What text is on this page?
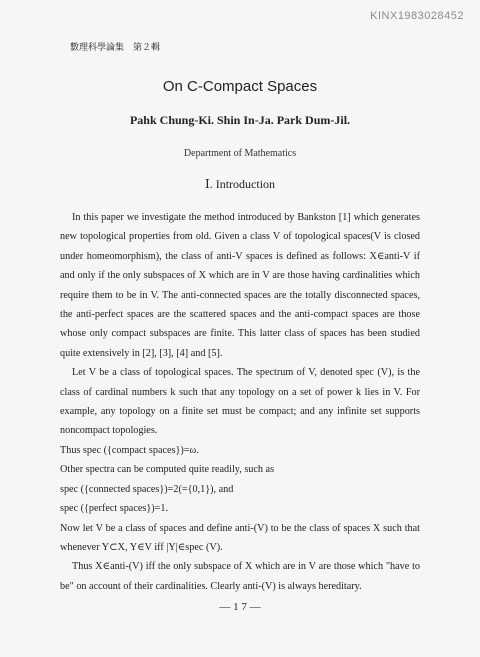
KINX1983028452
數理科學論集　第２輯
On C-Compact Spaces
Pahk Chung-Ki. Shin In-Ja. Park Dum-Jil.
Department of Mathematics
Ⅰ. Introduction

In this paper we investigate the method introduced by Bankston [1] which generates new topological properties from old. Given a class V of topological spaces(V is closed under homeomorphism), the class of anti-V spaces is defined as follows: X∈anti-V if and only if the only subspaces of X which are in V are those having cardinalities which require them to be in V. The anti-connected spaces are the totally disconnected spaces, the anti-perfect spaces are the scattered spaces and the anti-compact spaces are those whose only compact subspaces are finite. This latter class of spaces has been studied quite extensively in [2], [3], [4] and [5].

Let V be a class of topological spaces. The spectrum of V, denoted spec (V), is the class of cardinal numbers k such that any topology on a set of power k lies in V. For example, any topology on a finite set must be compact; and any infinite set supports noncompact topologies.

Thus spec ({compact spaces})=ω.

Other spectra can be computed quite readily, such as

spec ({connected spaces})=2(={0,1}), and

spec ({perfect spaces})=1.

Now let V be a class of spaces and define anti-(V) to be the class of spaces X such that whenever Y⊂X, Y∈V iff |Y|∈spec (V).

Thus X∈anti-(V) iff the only subspace of X which are in V are those which "have to be" on account of their cardinalities. Clearly anti-(V) is always hereditary.

— 1 7 —
